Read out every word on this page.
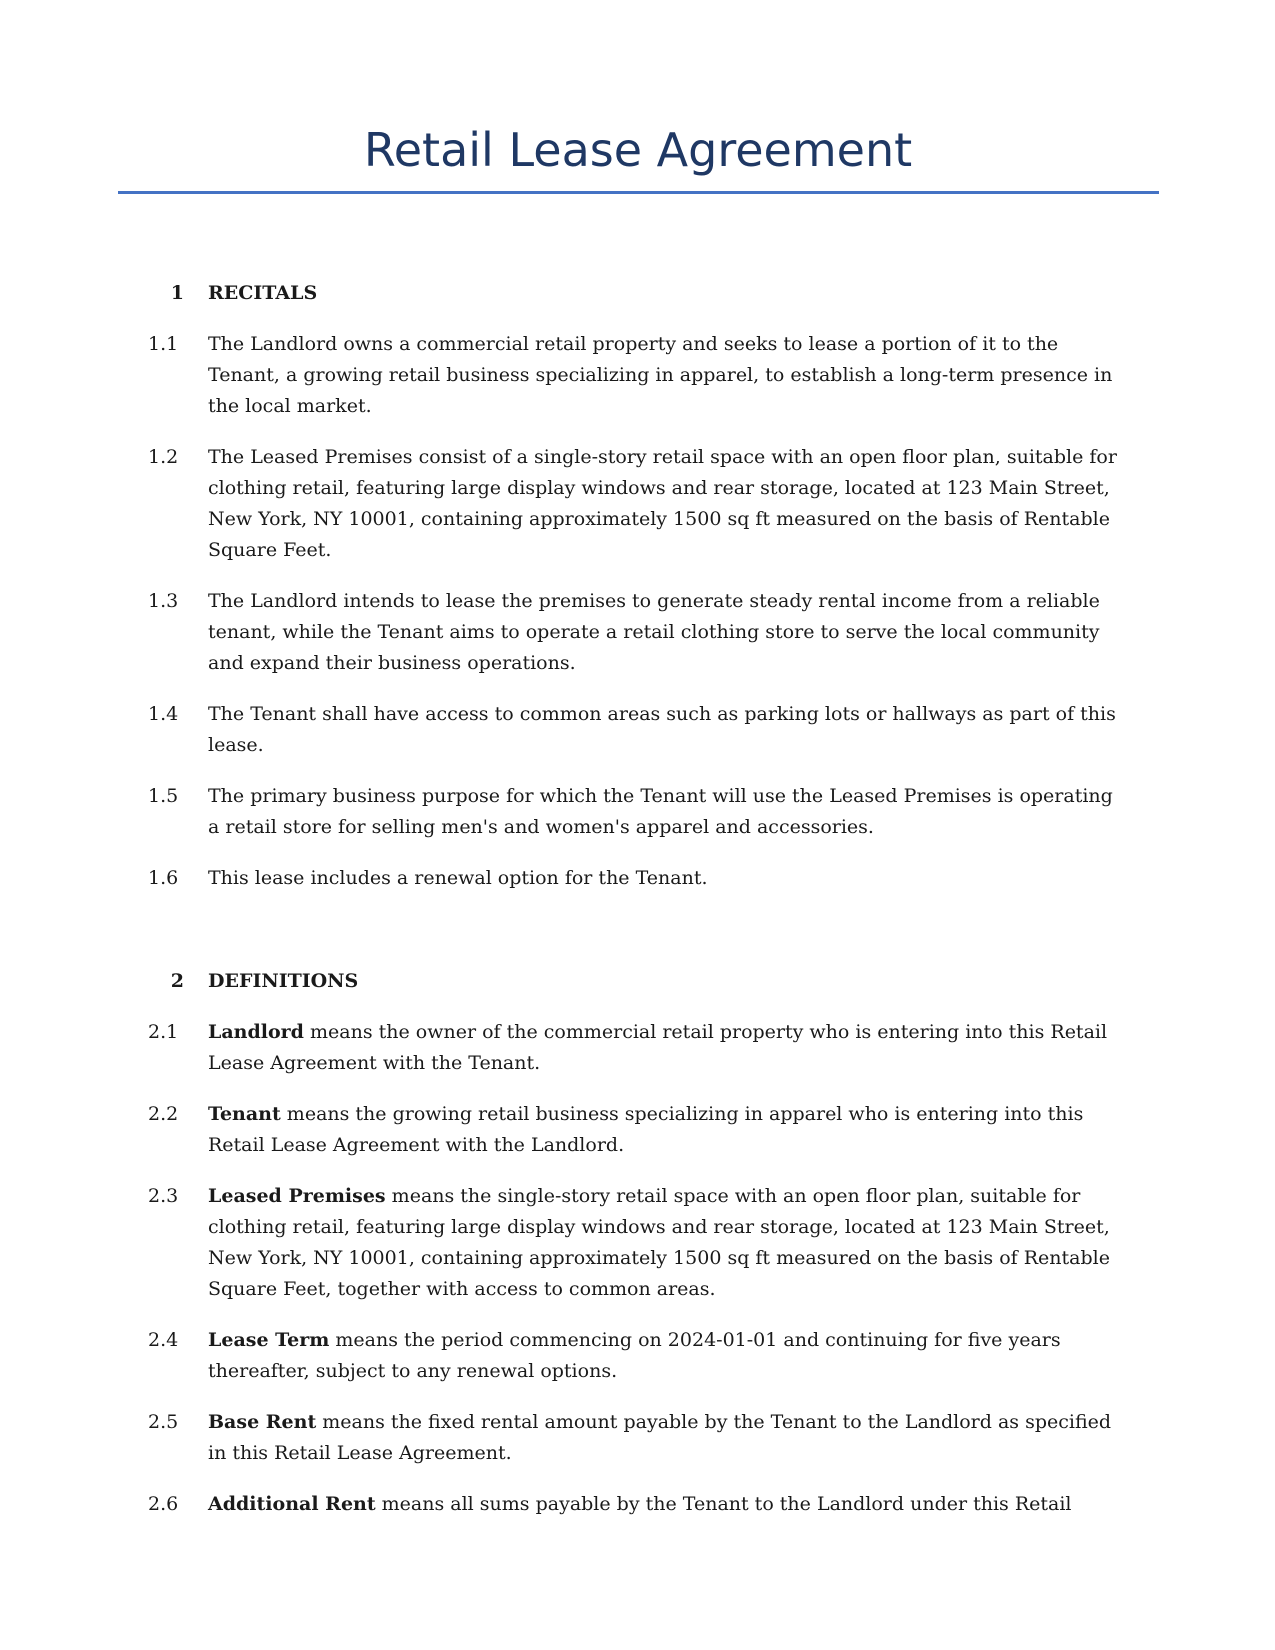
Retail Lease Agreement
1	RECITALS
1.1	The Landlord owns a commercial retail property and seeks to lease a portion of it to the Tenant, a growing retail business specializing in apparel, to establish a long-term presence in the local market.
1.2	The Leased Premises consist of a single-story retail space with an open floor plan, suitable for clothing retail, featuring large display windows and rear storage, located at 123 Main Street, New York, NY 10001, containing approximately 1500 sq ft measured on the basis of Rentable Square Feet.
1.3	The Landlord intends to lease the premises to generate steady rental income from a reliable tenant, while the Tenant aims to operate a retail clothing store to serve the local community and expand their business operations.
1.4	The Tenant shall have access to common areas such as parking lots or hallways as part of this lease.
1.5	The primary business purpose for which the Tenant will use the Leased Premises is operating a retail store for selling men's and women's apparel and accessories.
1.6	This lease includes a renewal option for the Tenant.
2	DEFINITIONS
2.1	Landlord means the owner of the commercial retail property who is entering into this Retail Lease Agreement with the Tenant.
2.2	Tenant means the growing retail business specializing in apparel who is entering into this Retail Lease Agreement with the Landlord.
2.3	Leased Premises means the single-story retail space with an open floor plan, suitable for clothing retail, featuring large display windows and rear storage, located at 123 Main Street, New York, NY 10001, containing approximately 1500 sq ft measured on the basis of Rentable Square Feet, together with access to common areas.
2.4	Lease Term means the period commencing on 2024-01-01 and continuing for five years thereafter, subject to any renewal options.
2.5	Base Rent means the fixed rental amount payable by the Tenant to the Landlord as specified in this Retail Lease Agreement.
2.6	Additional Rent means all sums payable by the Tenant to the Landlord under this Retail
